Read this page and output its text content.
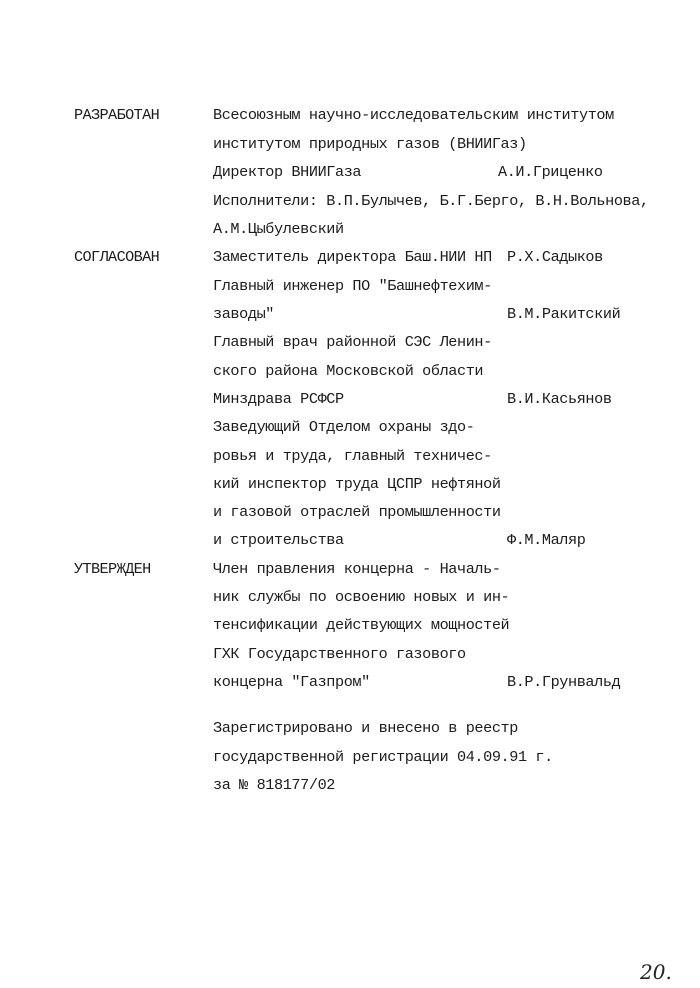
РАЗРАБОТАН	Всесоюзным научно-исследовательским институтом
институтом природных газов (ВНИИГаз)
Директор ВНИИГаза	А.И.Гриценко
Исполнители: В.П.Булычев, Б.Г.Берго, В.Н.Вольнова,
А.М.Цыбулевский
СОГЛАСОВАН	Заместитель директора Баш.НИИ НП Р.Х.Садыков
Главный инженер ПО "Башнефтехим-
заводы"	В.М.Ракитский
Главный врач районной СЭС Ленин-
ского района Московской области
Минздрава РСФСР	В.И.Касьянов
Заведующий Отделом охраны здо-
ровья и труда, главный техничес-
кий инспектор труда ЦСПР нефтяной
и газовой отраслей промышленности
и строительства	Ф.М.Маляр
УТВЕРЖДЕН	Член правления концерна - Началь-
ник службы по освоению новых и ин-
тенсификации действующих мощностей
ГХК Государственного газового
концерна "Газпром"	В.Р.Грунвальд
Зарегистрировано и внесено в реестр
государственной регистрации 04.09.91 г.
за № 818177/02
20.
